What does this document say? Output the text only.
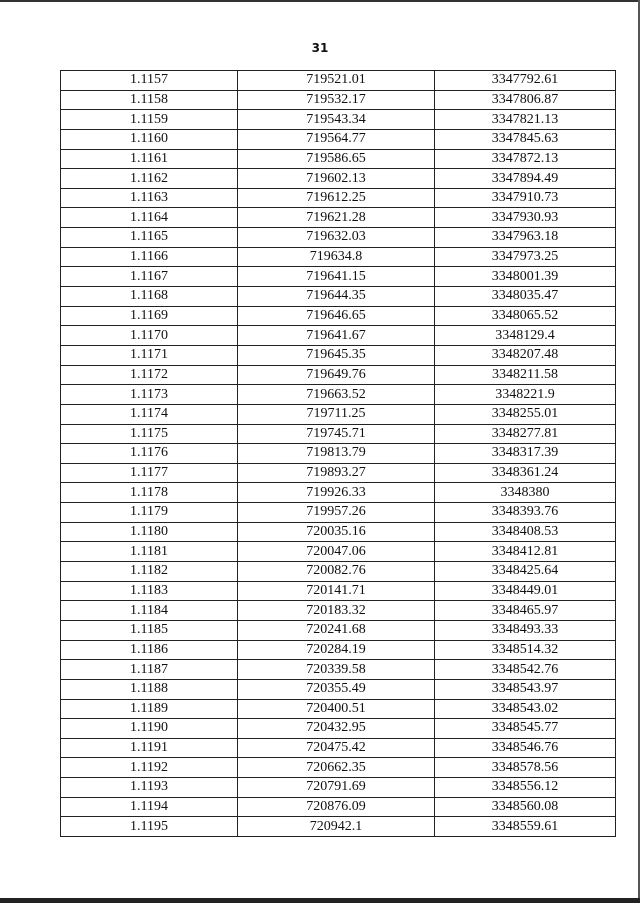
31
1.1157	719521.01	3347792.61
1.1158	719532.17	3347806.87
1.1159	719543.34	3347821.13
1.1160	719564.77	3347845.63
1.1161	719586.65	3347872.13
1.1162	719602.13	3347894.49
1.1163	719612.25	3347910.73
1.1164	719621.28	3347930.93
1.1165	719632.03	3347963.18
1.1166	719634.8	3347973.25
1.1167	719641.15	3348001.39
1.1168	719644.35	3348035.47
1.1169	719646.65	3348065.52
1.1170	719641.67	3348129.4
1.1171	719645.35	3348207.48
1.1172	719649.76	3348211.58
1.1173	719663.52	3348221.9
1.1174	719711.25	3348255.01
1.1175	719745.71	3348277.81
1.1176	719813.79	3348317.39
1.1177	719893.27	3348361.24
1.1178	719926.33	3348380
1.1179	719957.26	3348393.76
1.1180	720035.16	3348408.53
1.1181	720047.06	3348412.81
1.1182	720082.76	3348425.64
1.1183	720141.71	3348449.01
1.1184	720183.32	3348465.97
1.1185	720241.68	3348493.33
1.1186	720284.19	3348514.32
1.1187	720339.58	3348542.76
1.1188	720355.49	3348543.97
1.1189	720400.51	3348543.02
1.1190	720432.95	3348545.77
1.1191	720475.42	3348546.76
1.1192	720662.35	3348578.56
1.1193	720791.69	3348556.12
1.1194	720876.09	3348560.08
1.1195	720942.1	3348559.61
